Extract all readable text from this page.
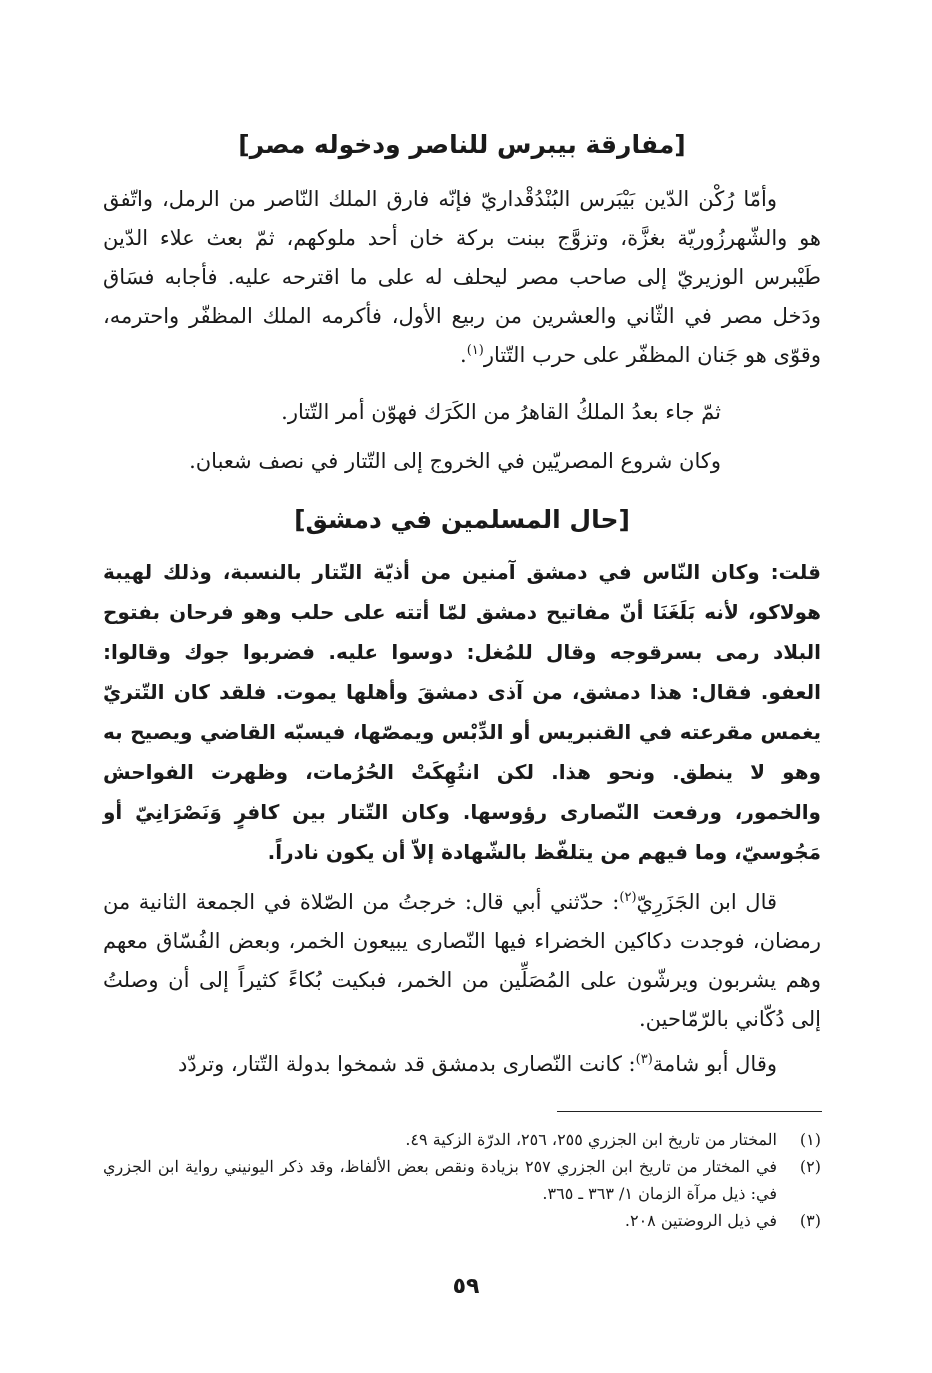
[مفارقة بيبرس للناصر ودخوله مصر]

وأمّا رُكْن الدّين بَيْبَرس البُنْدُقْداريّ فإنّه فارق الملك النّاصر من الرمل، واتّفق هو والشّهرزُوريّة بغزَّة، وتزوَّج ببنت بركة خان أحد ملوكهم، ثمّ بعث علاء الدّين طَيْبرس الوزيريّ إلى صاحب مصر ليحلف له على ما اقترحه عليه. فأجابه فسَاق ودَخل مصر في الثّاني والعشرين من ربيع الأول، فأكرمه الملك المظفّر واحترمه، وقوّى هو جَنان المظفّر على حرب التّتار$^{(١)}$.

ثمّ جاء بعدُ الملكُ القاهرُ من الكَرَك فهوّن أمر التّتار.

وكان شروع المصريّين في الخروج إلى التّتار في نصف شعبان.

[حال المسلمين في دمشق]

قلت: وكان النّاس في دمشق آمنين من أذيّة التّتار بالنسبة، وذلك لهيبة هولاكو، لأنه بَلَغَنَا أنّ مفاتيح دمشق لمّا أتته على حلب وهو فرحان بفتوح البلاد رمى بسرقوجه وقال للمُغل: دوسوا عليه. فضربوا جوك وقالوا: العفو. فقال: هذا دمشق، من آذى دمشقَ وأهلها يموت. فلقد كان التّتريّ يغمس مقرعته في القنبريس أو الدِّبْس ويمصّها، فيسبّه القاضي ويصيح به وهو لا ينطق. ونحو هذا. لكن انتُهِكَتْ الحُرُمات، وظهرت الفواحش والخمور، ورفعت النّصارى رؤوسها. وكان التّتار بين كافرٍ وَنَصْرَانِيّ أو مَجُوسيّ، وما فيهم من يتلفّظ بالشّهادة إلاّ أن يكون نادراً.

قال ابن الجَزَرِيّ$^{(٢)}$: حدّثني أبي قال: خرجتُ من الصّلاة في الجمعة الثانية من رمضان، فوجدت دكاكين الخضراء فيها النّصارى يبيعون الخمر، وبعض الفُسّاق معهم وهم يشربون ويرشّون على المُصَلِّين من الخمر، فبكيت بُكاءً كثيراً إلى أن وصلتُ إلى دُكّاني بالرّمّاحين.

وقال أبو شامة$^{(٣)}$: كانت النّصارى بدمشق قد شمخوا بدولة التّتار، وتردّد

(١)
المختار من تاريخ ابن الجزري ٢٥٥، ٢٥٦، الدرّة الزكية ٤٩.
(٢)
في المختار من تاريخ ابن الجزري ٢٥٧ بزيادة ونقص بعض الألفاظ، وقد ذكر اليونيني رواية ابن الجزري في: ذيل مرآة الزمان ١/ ٣٦٣ ـ ٣٦٥.
(٣)
في ذيل الروضتين ٢٠٨.
٥٩
